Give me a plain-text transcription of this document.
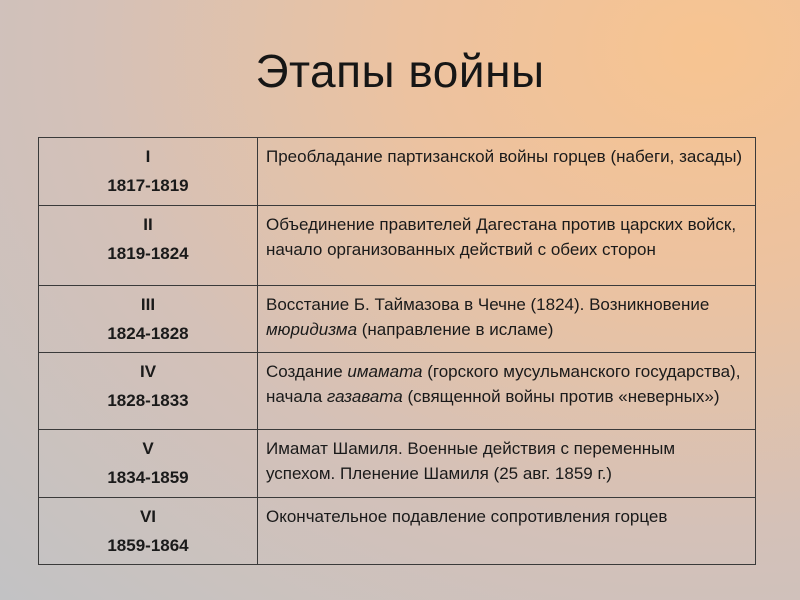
Этапы войны
I
1817-1819	Преобладание партизанской войны горцев (набеги, засады)

II
1819-1824	Объединение правителей Дагестана против царских войск, начало организованных действий с обеих сторон

III
1824-1828	Восстание Б. Таймазова в Чечне (1824). Возникновение мюридизма (направление в исламе)

IV
1828-1833	Создание имамата (горского мусульманского государства), начала газавата (священной войны против «неверных»)

V
1834-1859	Имамат Шамиля. Военные действия с переменным успехом. Пленение Шамиля (25 авг. 1859 г.)

VI
1859-1864	Окончательное подавление сопротивления горцев
